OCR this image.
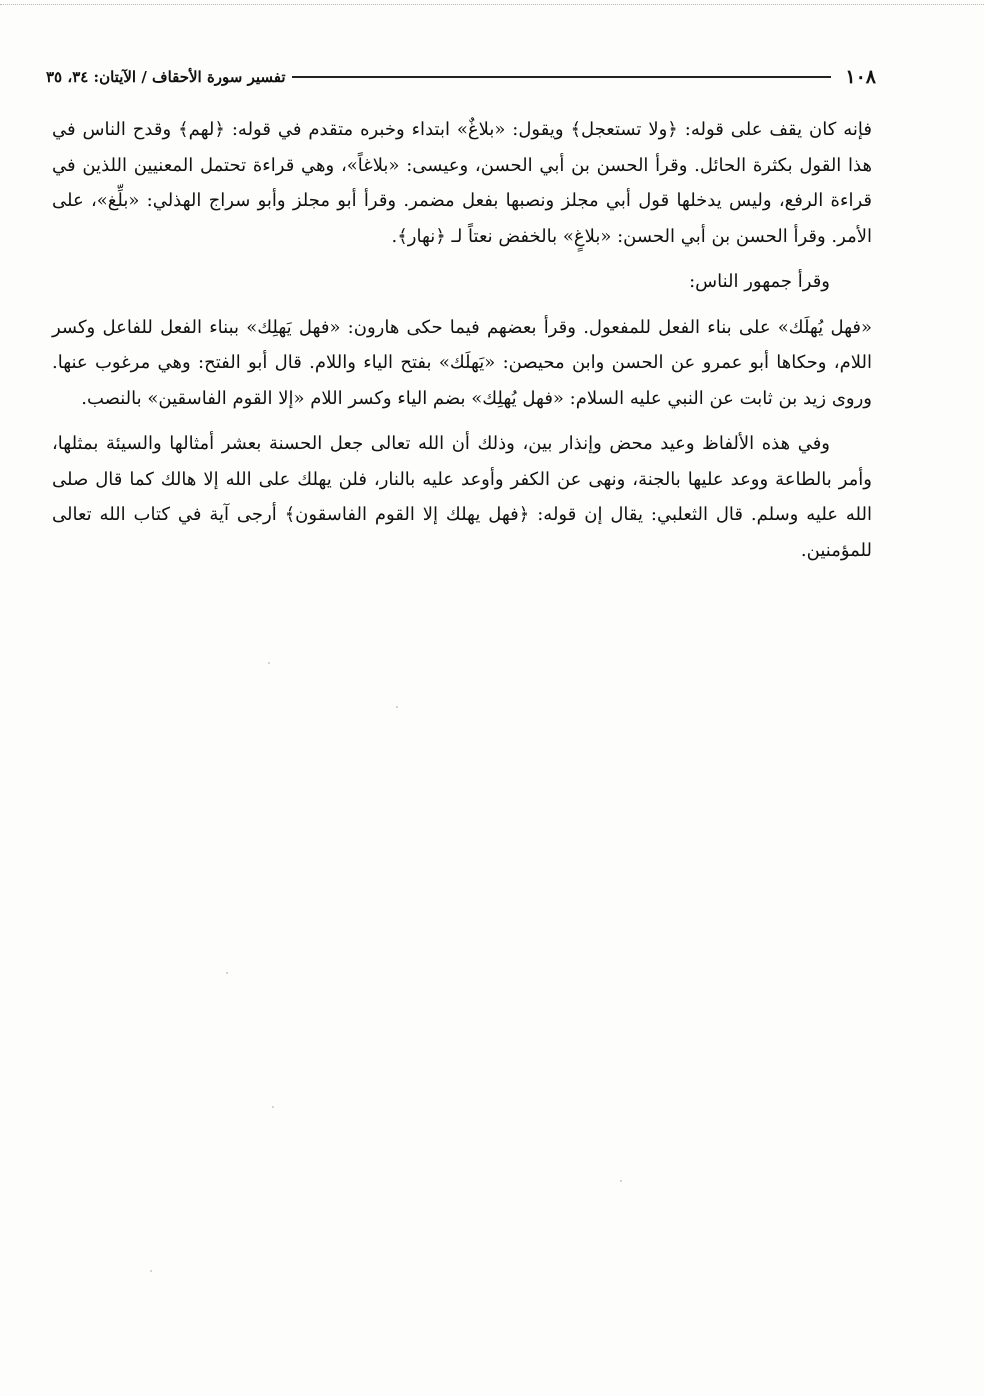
١٠٨
تفسير سورة الأحقاف / الآيتان: ٣٤، ٣٥

فإنه كان يقف على قوله: ﴿ولا تستعجل﴾ ويقول: «بلاغٌ» ابتداء وخبره متقدم في قوله: ﴿لهم﴾ وقدح الناس في هذا القول بكثرة الحائل. وقرأ الحسن بن أبي الحسن، وعيسى: «بلاغاً»، وهي قراءة تحتمل المعنيين اللذين في قراءة الرفع، وليس يدخلها قول أبي مجلز ونصبها بفعل مضمر. وقرأ أبو مجلز وأبو سراج الهذلي: «بلِّغ»، على الأمر. وقرأ الحسن بن أبي الحسن: «بلاغٍ» بالخفض نعتاً لـ ﴿نهار﴾.

وقرأ جمهور الناس:

«فهل يُهلَك» على بناء الفعل للمفعول. وقرأ بعضهم فيما حكى هارون: «فهل يَهلِك» ببناء الفعل للفاعل وكسر اللام، وحكاها أبو عمرو عن الحسن وابن محيصن: «يَهلَك» بفتح الياء واللام. قال أبو الفتح: وهي مرغوب عنها. وروى زيد بن ثابت عن النبي عليه السلام: «فهل يُهلِك» بضم الياء وكسر اللام «إلا القوم الفاسقين» بالنصب.

وفي هذه الألفاظ وعيد محض وإنذار بين، وذلك أن الله تعالى جعل الحسنة بعشر أمثالها والسيئة بمثلها، وأمر بالطاعة ووعد عليها بالجنة، ونهى عن الكفر وأوعد عليه بالنار، فلن يهلك على الله إلا هالك كما قال صلى الله عليه وسلم. قال الثعلبي: يقال إن قوله: ﴿فهل يهلك إلا القوم الفاسقون﴾ أرجى آية في كتاب الله تعالى للمؤمنين.
